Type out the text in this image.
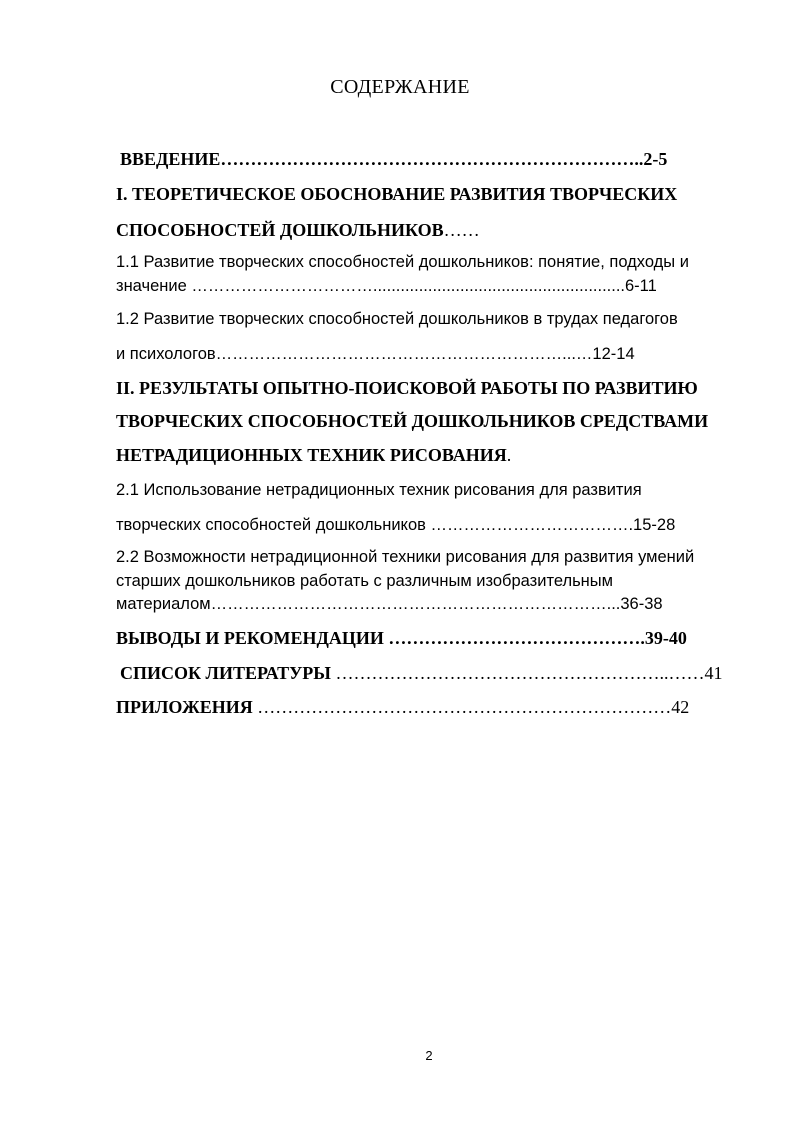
СОДЕРЖАНИЕ
ВВЕДЕНИЕ……………………………………………………………..2-5
I. ТЕОРЕТИЧЕСКОЕ ОБОСНОВАНИЕ РАЗВИТИЯ ТВОРЧЕСКИХ
СПОСОБНОСТЕЙ ДОШКОЛЬНИКОВ……
1.1 Развитие творческих способностей дошкольников: понятие, подходы и
значение …………………………….......................................................6-11
1.2 Развитие творческих способностей дошкольников в трудах педагогов
и психологов………………………………………………………...…12-14
II. РЕЗУЛЬТАТЫ ОПЫТНО-ПОИСКОВОЙ РАБОТЫ ПО РАЗВИТИЮ
ТВОРЧЕСКИХ СПОСОБНОСТЕЙ ДОШКОЛЬНИКОВ СРЕДСТВАМИ
НЕТРАДИЦИОННЫХ ТЕХНИК РИСОВАНИЯ.
2.1 Использование нетрадиционных техник рисования для развития
творческих способностей дошкольников ……………………………….15-28
2.2 Возможности нетрадиционной техники рисования для развития умений
старших дошкольников работать с различным изобразительным
материалом………………………………………………………………...36-38
ВЫВОДЫ И РЕКОМЕНДАЦИИ …………………………………….39-40
СПИСОК ЛИТЕРАТУРЫ ………………………………………………..……41
ПРИЛОЖЕНИЯ ……………………………………………………………42
2
